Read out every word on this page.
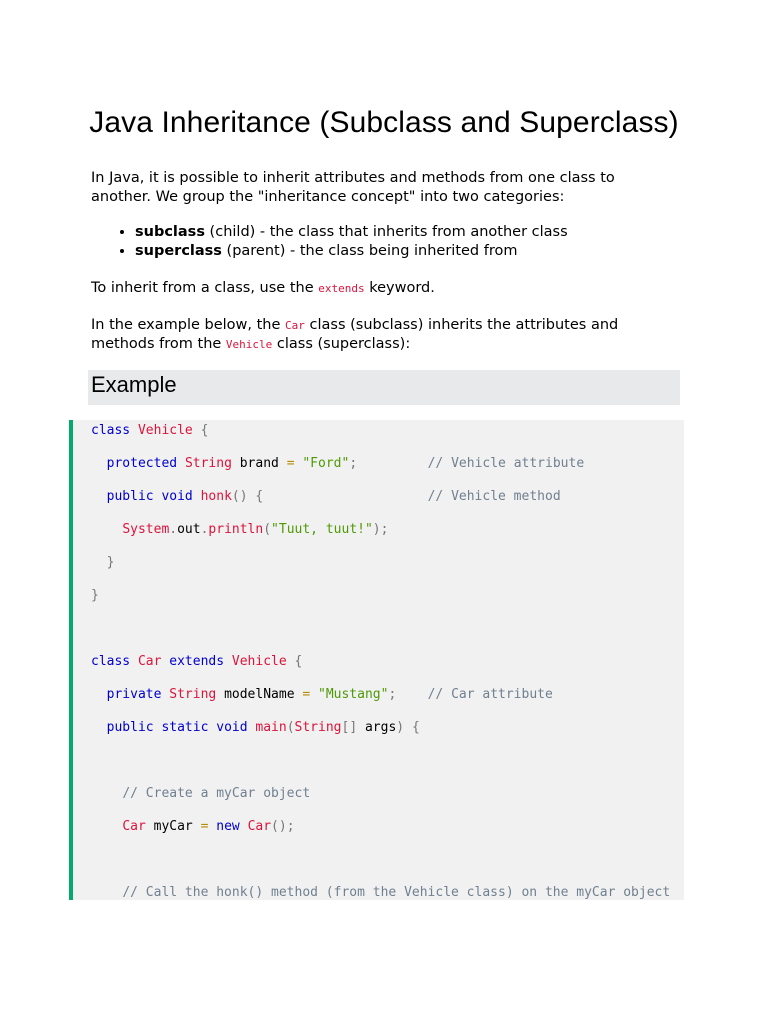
Java Inheritance (Subclass and Superclass)

In Java, it is possible to inherit attributes and methods from one class to another. We group the "inheritance concept" into two categories:

• subclass (child) - the class that inherits from another class
• superclass (parent) - the class being inherited from

To inherit from a class, use the extends keyword.

In the example below, the Car class (subclass) inherits the attributes and methods from the Vehicle class (superclass):

Example
class Vehicle {
protected String brand = "Ford";	// Vehicle attribute
public void honk() {	// Vehicle method
System.out.println("Tuut, tuut!");
}
}
class Car extends Vehicle {
private String modelName = "Mustang"; // Car attribute
public static void main(String[] args) {
// Create a myCar object
Car myCar = new Car();
// Call the honk() method (from the Vehicle class) on the myCar object
